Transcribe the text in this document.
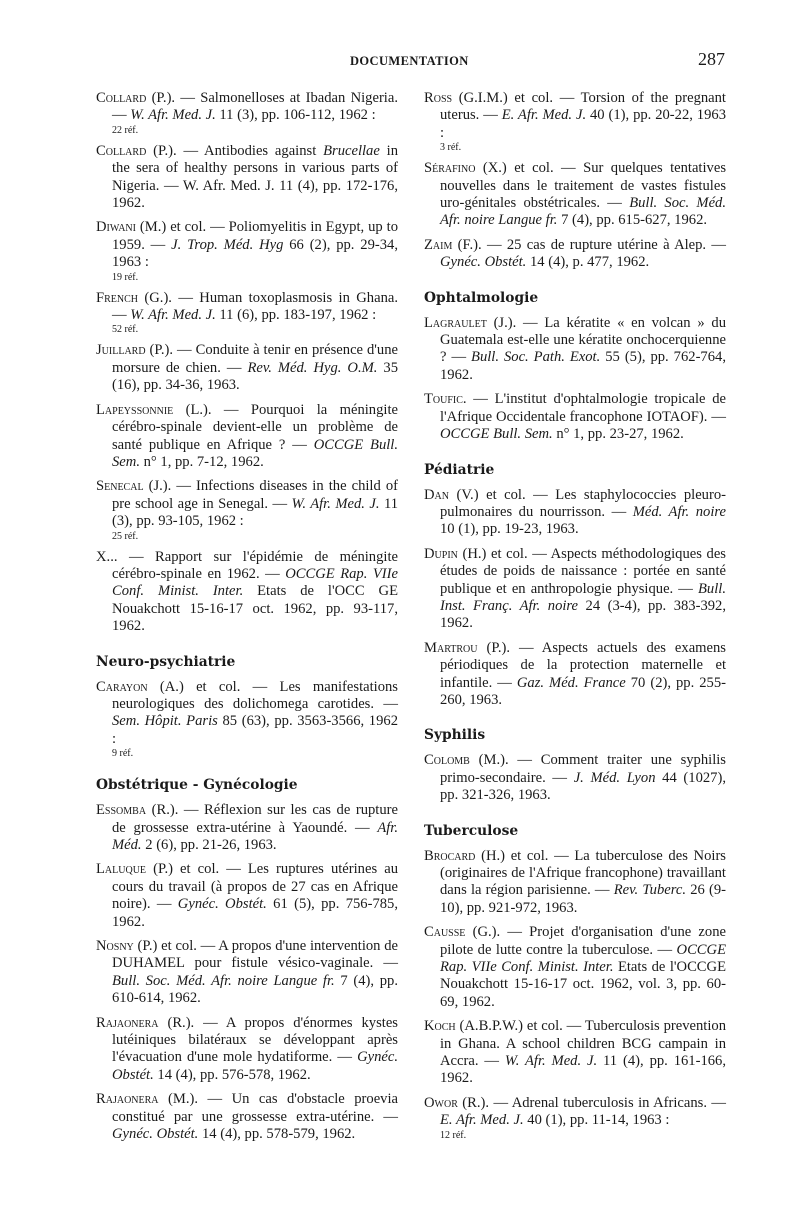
DOCUMENTATION	287
Collard (P.). — Salmonelloses at Ibadan Nigeria. — W. Afr. Med. J. 11 (3), pp. 106-112, 1962 :
22 réf.
Collard (P.). — Antibodies against Brucellae in the sera of healthy persons in various parts of Nigeria. — W. Afr. Med. J. 11 (4), pp. 172-176, 1962.
Diwani (M.) et col. — Poliomyelitis in Egypt, up to 1959. — J. Trop. Méd. Hyg 66 (2), pp. 29-34, 1963 :
19 réf.
French (G.). — Human toxoplasmosis in Ghana. — W. Afr. Med. J. 11 (6), pp. 183-197, 1962 :
52 réf.
Juillard (P.). — Conduite à tenir en présence d'une morsure de chien. — Rev. Méd. Hyg. O.M. 35 (16), pp. 34-36, 1963.
Lapeyssonnie (L.). — Pourquoi la méningite cérébro-spinale devient-elle un problème de santé publique en Afrique ? — OCCGE Bull. Sem. n° 1, pp. 7-12, 1962.
Senecal (J.). — Infections diseases in the child of pre school age in Senegal. — W. Afr. Med. J. 11 (3), pp. 93-105, 1962 :
25 réf.
X... — Rapport sur l'épidémie de méningite cérébro-spinale en 1962. — OCCGE Rap. VIIe Conf. Minist. Inter. Etats de l'OCC GE Nouakchott 15-16-17 oct. 1962, pp. 93-117, 1962.
Neuro-psychiatrie
Carayon (A.) et col. — Les manifestations neurologiques des dolichomega carotides. — Sem. Hôpit. Paris 85 (63), pp. 3563-3566, 1962 :
9 réf.
Obstétrique - Gynécologie
Essomba (R.). — Réflexion sur les cas de rupture de grossesse extra-utérine à Yaoundé. — Afr. Méd. 2 (6), pp. 21-26, 1963.
Laluque (P.) et col. — Les ruptures utérines au cours du travail (à propos de 27 cas en Afrique noire). — Gynéc. Obstét. 61 (5), pp. 756-785, 1962.
Nosny (P.) et col. — A propos d'une intervention de DUHAMEL pour fistule vésico-vaginale. — Bull. Soc. Méd. Afr. noire Langue fr. 7 (4), pp. 610-614, 1962.
Rajaonera (R.). — A propos d'énormes kystes lutéiniques bilatéraux se développant après l'évacuation d'une mole hydatiforme. — Gynéc. Obstét. 14 (4), pp. 576-578, 1962.
Rajaonera (M.). — Un cas d'obstacle proevia constitué par une grossesse extra-utérine. — Gynéc. Obstét. 14 (4), pp. 578-579, 1962.
Ross (G.I.M.) et col. — Torsion of the pregnant uterus. — E. Afr. Med. J. 40 (1), pp. 20-22, 1963 :
3 réf.
Sérafino (X.) et col. — Sur quelques tentatives nouvelles dans le traitement de vastes fistules uro-génitales obstétricales. — Bull. Soc. Méd. Afr. noire Langue fr. 7 (4), pp. 615-627, 1962.
Zaim (F.). — 25 cas de rupture utérine à Alep. — Gynéc. Obstét. 14 (4), p. 477, 1962.
Ophtalmologie
Lagraulet (J.). — La kératite « en volcan » du Guatemala est-elle une kératite onchocerquienne ? — Bull. Soc. Path. Exot. 55 (5), pp. 762-764, 1962.
Toufic. — L'institut d'ophtalmologie tropicale de l'Afrique Occidentale francophone IOTAOF). — OCCGE Bull. Sem. n° 1, pp. 23-27, 1962.
Pédiatrie
Dan (V.) et col. — Les staphylococcies pleuro-pulmonaires du nourrisson. — Méd. Afr. noire 10 (1), pp. 19-23, 1963.
Dupin (H.) et col. — Aspects méthodologiques des études de poids de naissance : portée en santé publique et en anthropologie physique. — Bull. Inst. Franç. Afr. noire 24 (3-4), pp. 383-392, 1962.
Martrou (P.). — Aspects actuels des examens périodiques de la protection maternelle et infantile. — Gaz. Méd. France 70 (2), pp. 255-260, 1963.
Syphilis
Colomb (M.). — Comment traiter une syphilis primo-secondaire. — J. Méd. Lyon 44 (1027), pp. 321-326, 1963.
Tuberculose
Brocard (H.) et col. — La tuberculose des Noirs (originaires de l'Afrique francophone) travaillant dans la région parisienne. — Rev. Tuberc. 26 (9-10), pp. 921-972, 1963.
Causse (G.). — Projet d'organisation d'une zone pilote de lutte contre la tuberculose. — OCCGE Rap. VIIe Conf. Minist. Inter. Etats de l'OCCGE Nouakchott 15-16-17 oct. 1962, vol. 3, pp. 60-69, 1962.
Koch (A.B.P.W.) et col. — Tuberculosis prevention in Ghana. A school children BCG campain in Accra. — W. Afr. Med. J. 11 (4), pp. 161-166, 1962.
Owor (R.). — Adrenal tuberculosis in Africans. — E. Afr. Med. J. 40 (1), pp. 11-14, 1963 :
12 réf.
